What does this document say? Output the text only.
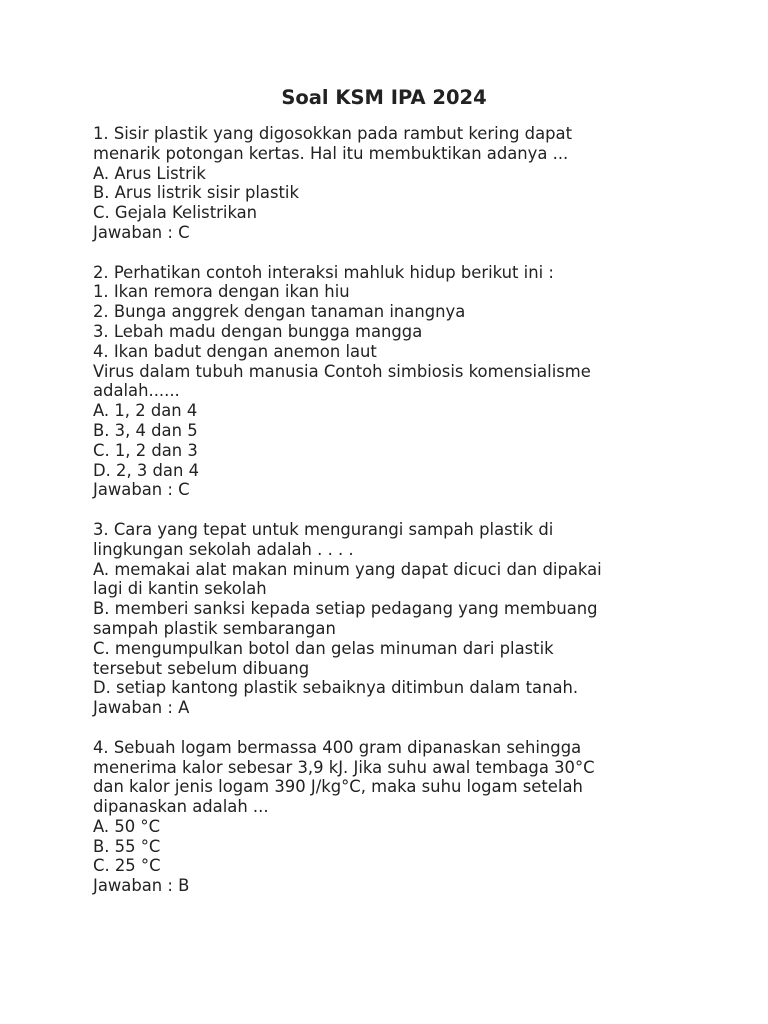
Soal KSM IPA 2024
1. Sisir plastik yang digosokkan pada rambut kering dapat
menarik potongan kertas. Hal itu membuktikan adanya ...
A. Arus Listrik
B. Arus listrik sisir plastik
C. Gejala Kelistrikan
Jawaban : C
2. Perhatikan contoh interaksi mahluk hidup berikut ini :
1. Ikan remora dengan ikan hiu
2. Bunga anggrek dengan tanaman inangnya
3. Lebah madu dengan bungga mangga
4. Ikan badut dengan anemon laut
Virus dalam tubuh manusia Contoh simbiosis komensialisme
adalah......
A. 1, 2 dan 4
B. 3, 4 dan 5
C. 1, 2 dan 3
D. 2, 3 dan 4
Jawaban : C
3. Cara yang tepat untuk mengurangi sampah plastik di
lingkungan sekolah adalah . . . .
A. memakai alat makan minum yang dapat dicuci dan dipakai
lagi di kantin sekolah
B. memberi sanksi kepada setiap pedagang yang membuang
sampah plastik sembarangan
C. mengumpulkan botol dan gelas minuman dari plastik
tersebut sebelum dibuang
D. setiap kantong plastik sebaiknya ditimbun dalam tanah.
Jawaban : A
4. Sebuah logam bermassa 400 gram dipanaskan sehingga
menerima kalor sebesar 3,9 kJ. Jika suhu awal tembaga 30°C
dan kalor jenis logam 390 J/kg°C, maka suhu logam setelah
dipanaskan adalah ...
A. 50 °C
B. 55 °C
C. 25 °C
Jawaban : B
